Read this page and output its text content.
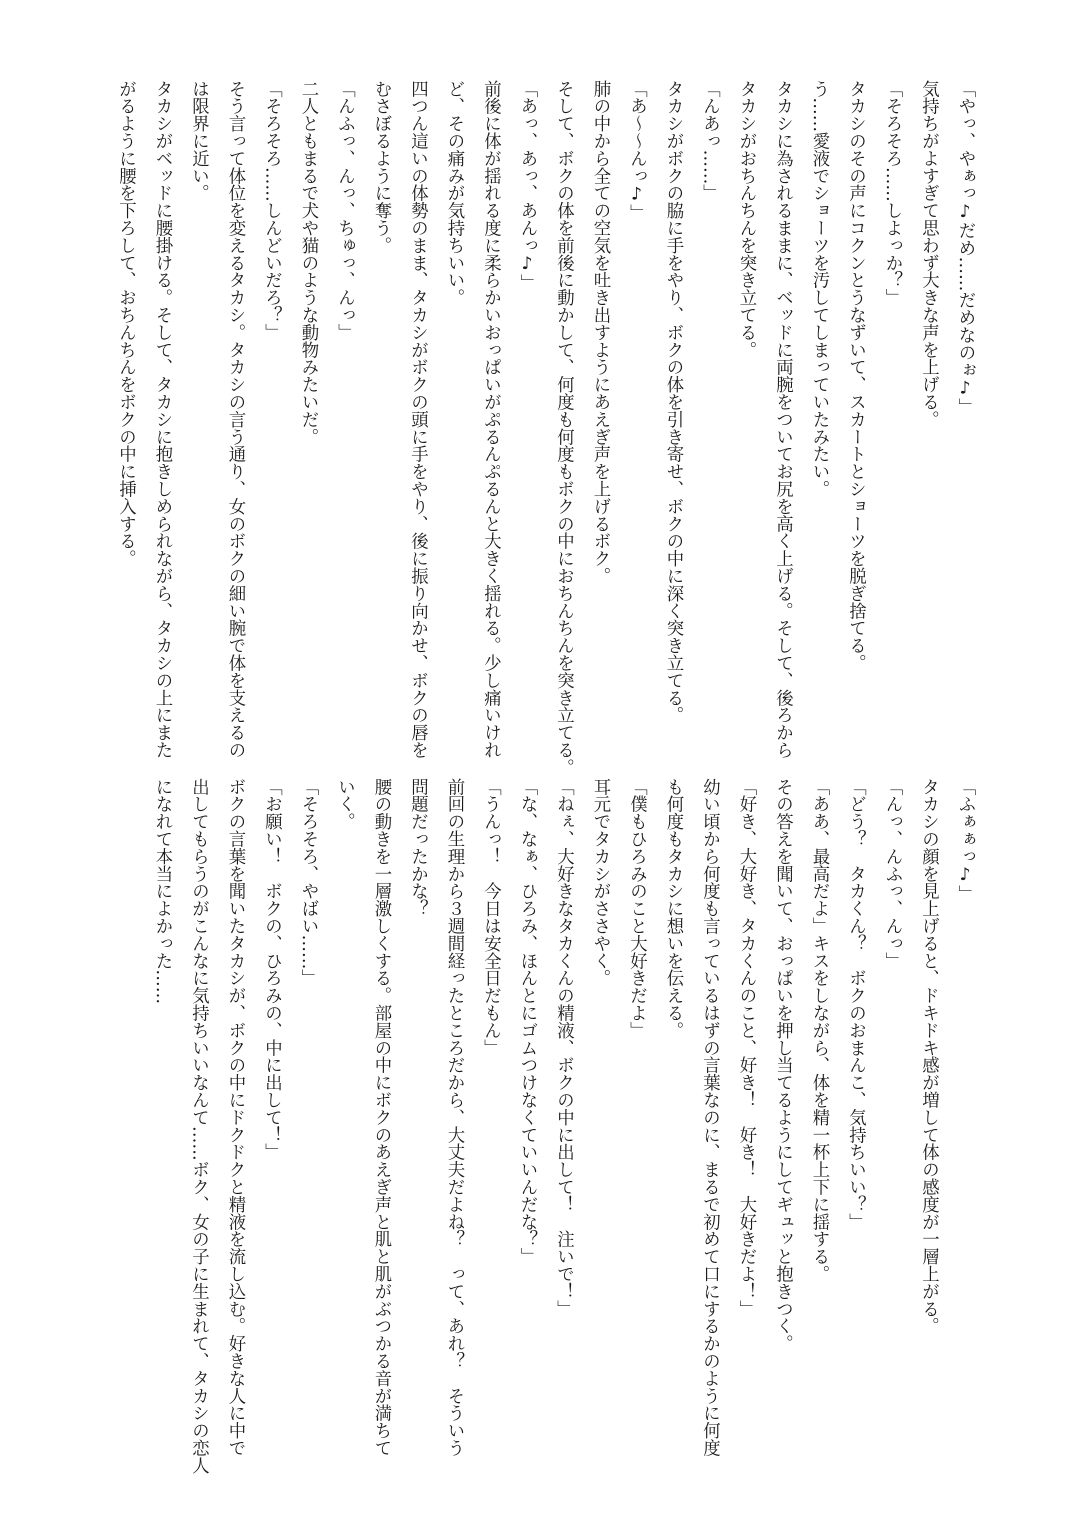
「やっ、やぁっ♪だめ……だめなのぉ♪」
気持ちがよすぎて思わず大きな声を上げる。
「そろそろ……しよっか？」
タカシのその声にコクンとうなずいて、スカートとショーツを脱ぎ捨てる。
う……愛液でショーツを汚してしまっていたみたい。
タカシに為されるままに、ベッドに両腕をついてお尻を高く上げる。そして、後ろから
タカシがおちんちんを突き立てる。
「んあっ……」
タカシがボクの脇に手をやり、ボクの体を引き寄せ、ボクの中に深く突き立てる。
「あ～～んっ♪」
肺の中から全ての空気を吐き出すようにあえぎ声を上げるボク。
そして、ボクの体を前後に動かして、何度も何度もボクの中におちんちんを突き立てる。
「あっ、あっ、あんっ♪」
前後に体が揺れる度に柔らかいおっぱいがぷるんぷるんと大きく揺れる。少し痛いけれ
ど、その痛みが気持ちいい。
四つん這いの体勢のまま、タカシがボクの頭に手をやり、後に振り向かせ、ボクの唇を
むさぼるように奪う。
「んふっ、んっ、ちゅっ、んっ」
二人ともまるで犬や猫のような動物みたいだ。
「そろそろ……しんどいだろ？」
そう言って体位を変えるタカシ。タカシの言う通り、女のボクの細い腕で体を支えるの
は限界に近い。
タカシがベッドに腰掛ける。そして、タカシに抱きしめられながら、タカシの上にまた
がるように腰を下ろして、おちんちんをボクの中に挿入する。
「ふぁぁっ♪」
タカシの顔を見上げると、ドキドキ感が増して体の感度が一層上がる。
「んっ、んふっ、んっ」
「どう？　タカくん？　ボクのおまんこ、気持ちいい？」
「ああ、最高だよ」キスをしながら、体を精一杯上下に揺する。
その答えを聞いて、おっぱいを押し当てるようにしてギュッと抱きつく。
「好き、大好き、タカくんのこと、好き！　好き！　大好きだよ！」
幼い頃から何度も言っているはずの言葉なのに、まるで初めて口にするかのように何度
も何度もタカシに想いを伝える。
「僕もひろみのこと大好きだよ」
耳元でタカシがささやく。
「ねぇ、大好きなタカくんの精液、ボクの中に出して！　注いで！」
「な、なぁ、ひろみ、ほんとにゴムつけなくていいんだな？」
「うんっ！　今日は安全日だもん」
前回の生理から３週間経ったところだから、大丈夫だよね？　って、あれ？　そういう
問題だったかな？
腰の動きを一層激しくする。部屋の中にボクのあえぎ声と肌と肌がぶつかる音が満ちて
いく。
「そろそろ、やばい……」
「お願い！　ボクの、ひろみの、中に出して！」
ボクの言葉を聞いたタカシが、ボクの中にドクドクと精液を流し込む。好きな人に中で
出してもらうのがこんなに気持ちいいなんて……ボク、女の子に生まれて、タカシの恋人
になれて本当によかった……
